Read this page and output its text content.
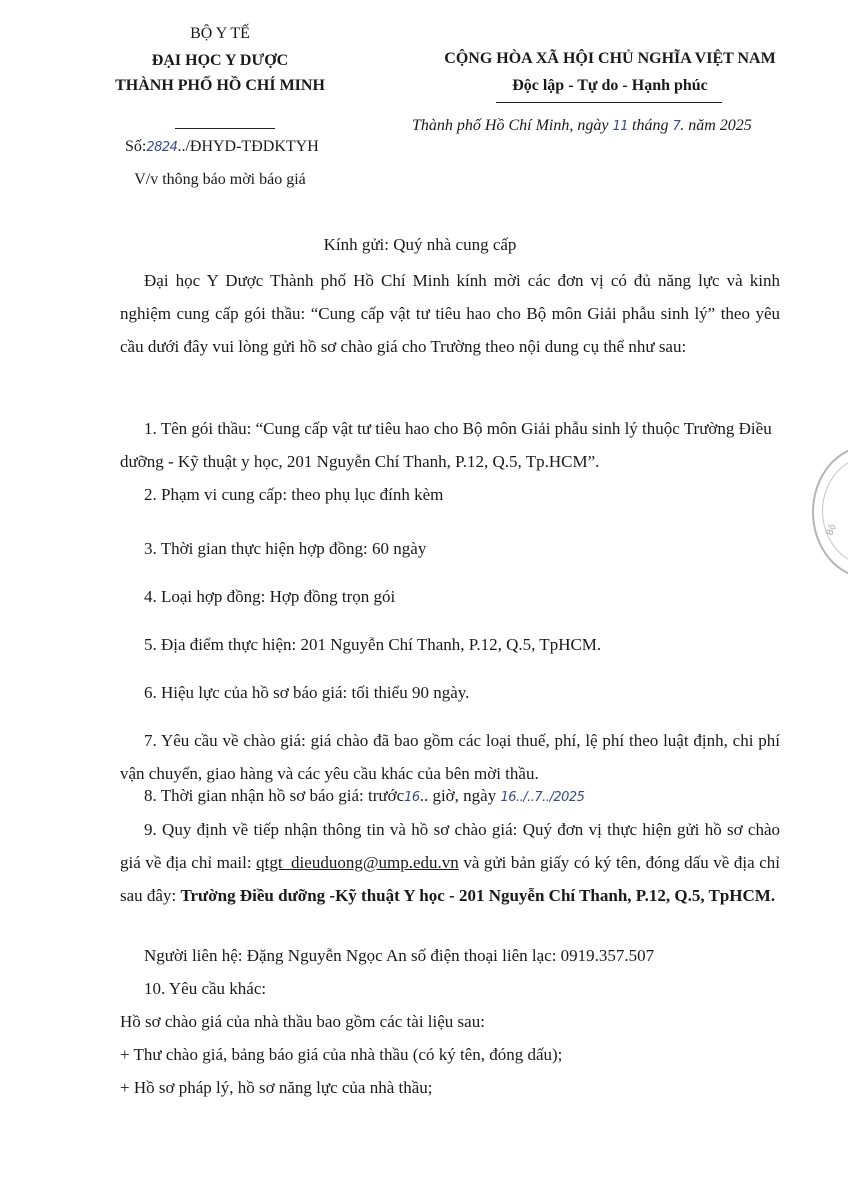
BỘ Y TẾ
ĐẠI HỌC Y DƯỢC
THÀNH PHỐ HỒ CHÍ MINH
Số:2824../ĐHYD-TĐDKTYH
V/v thông báo mời báo giá
CỘNG HÒA XÃ HỘI CHỦ NGHĨA VIỆT NAM
Độc lập - Tự do - Hạnh phúc
Thành phố Hồ Chí Minh, ngày 11 tháng 7. năm 2025
Kính gửi: Quý nhà cung cấp
Đại học Y Dược Thành phố Hồ Chí Minh kính mời các đơn vị có đủ năng lực và kinh nghiệm cung cấp gói thầu: “Cung cấp vật tư tiêu hao cho Bộ môn Giải phẫu sinh lý” theo yêu cầu dưới đây vui lòng gửi hồ sơ chào giá cho Trường theo nội dung cụ thể như sau:
1. Tên gói thầu: “Cung cấp vật tư tiêu hao cho Bộ môn Giải phẫu sinh lý thuộc Trường Điều dưỡng - Kỹ thuật y học, 201 Nguyễn Chí Thanh, P.12, Q.5, Tp.HCM”.
2. Phạm vi cung cấp: theo phụ lục đính kèm
3. Thời gian thực hiện hợp đồng: 60 ngày
4. Loại hợp đồng: Hợp đồng trọn gói
5. Địa điểm thực hiện: 201 Nguyễn Chí Thanh, P.12, Q.5, TpHCM.
6. Hiệu lực của hồ sơ báo giá: tối thiểu 90 ngày.
7. Yêu cầu về chào giá: giá chào đã bao gồm các loại thuế, phí, lệ phí theo luật định, chi phí vận chuyển, giao hàng và các yêu cầu khác của bên mời thầu.
8. Thời gian nhận hồ sơ báo giá: trước16.. giờ, ngày 16../..7../2025
9. Quy định về tiếp nhận thông tin và hồ sơ chào giá: Quý đơn vị thực hiện gửi hồ sơ chào giá về địa chỉ mail: qtgt_dieuduong@ump.edu.vn và gửi bản giấy có ký tên, đóng dấu về địa chỉ sau đây: Trường Điều dưỡng -Kỹ thuật Y học - 201 Nguyễn Chí Thanh, P.12, Q.5, TpHCM.
Người liên hệ: Đặng Nguyễn Ngọc An số điện thoại liên lạc: 0919.357.507
10. Yêu cầu khác:
Hồ sơ chào giá của nhà thầu bao gồm các tài liệu sau:
+ Thư chào giá, bảng báo giá của nhà thầu (có ký tên, đóng dấu);
+ Hồ sơ pháp lý, hồ sơ năng lực của nhà thầu;
Bộ
